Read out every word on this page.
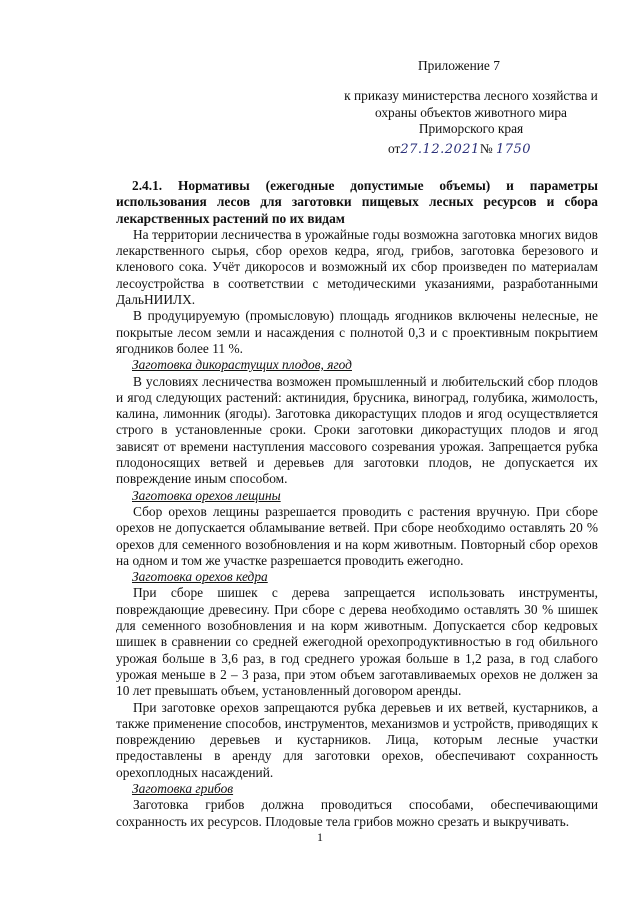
Приложение 7
к приказу министерства лесного хозяйства и
охраны объектов животного мира
Приморского края
от27.12.2021№ 1750

2.4.1. Нормативы (ежегодные допустимые объемы) и параметры использования лесов для заготовки пищевых лесных ресурсов и сбора лекарственных растений по их видам

На территории лесничества в урожайные годы возможна заготовка многих видов лекарственного сырья, сбор орехов кедра, ягод, грибов, заготовка березового и кленового сока. Учёт дикоросов и возможный их сбор произведен по материалам лесоустройства в соответствии с методическими указаниями, разработанными ДальНИИЛХ.

В продуцируемую (промысловую) площадь ягодников включены нелесные, не покрытые лесом земли и насаждения с полнотой 0,3 и с проективным покрытием ягодников более 11 %.

Заготовка дикорастущих плодов, ягод

В условиях лесничества возможен промышленный и любительский сбор плодов и ягод следующих растений: актинидия, брусника, виноград, голубика, жимолость, калина, лимонник (ягоды). Заготовка дикорастущих плодов и ягод осуществляется строго в установленные сроки. Сроки заготовки дикорастущих плодов и ягод зависят от времени наступления массового созревания урожая. Запрещается рубка плодоносящих ветвей и деревьев для заготовки плодов, не допускается их повреждение иным способом.

Заготовка орехов лещины

Сбор орехов лещины разрешается проводить с растения вручную. При сборе орехов не допускается обламывание ветвей. При сборе необходимо оставлять 20 % орехов для семенного возобновления и на корм животным. Повторный сбор орехов на одном и том же участке разрешается проводить ежегодно.

Заготовка орехов кедра

При сборе шишек с дерева запрещается использовать инструменты, повреждающие древесину. При сборе с дерева необходимо оставлять 30 % шишек для семенного возобновления и на корм животным. Допускается сбор кедровых шишек в сравнении со средней ежегодной орехопродуктивностью в год обильного урожая больше в 3,6 раз, в год среднего урожая больше в 1,2 раза, в год слабого урожая меньше в 2 – 3 раза, при этом объем заготавливаемых орехов не должен за 10 лет превышать объем, установленный договором аренды.

При заготовке орехов запрещаются рубка деревьев и их ветвей, кустарников, а также применение способов, инструментов, механизмов и устройств, приводящих к повреждению деревьев и кустарников. Лица, которым лесные участки предоставлены в аренду для заготовки орехов, обеспечивают сохранность орехоплодных насаждений.

Заготовка грибов

Заготовка грибов должна проводиться способами, обеспечивающими сохранность их ресурсов. Плодовые тела грибов можно срезать и выкручивать.

1
